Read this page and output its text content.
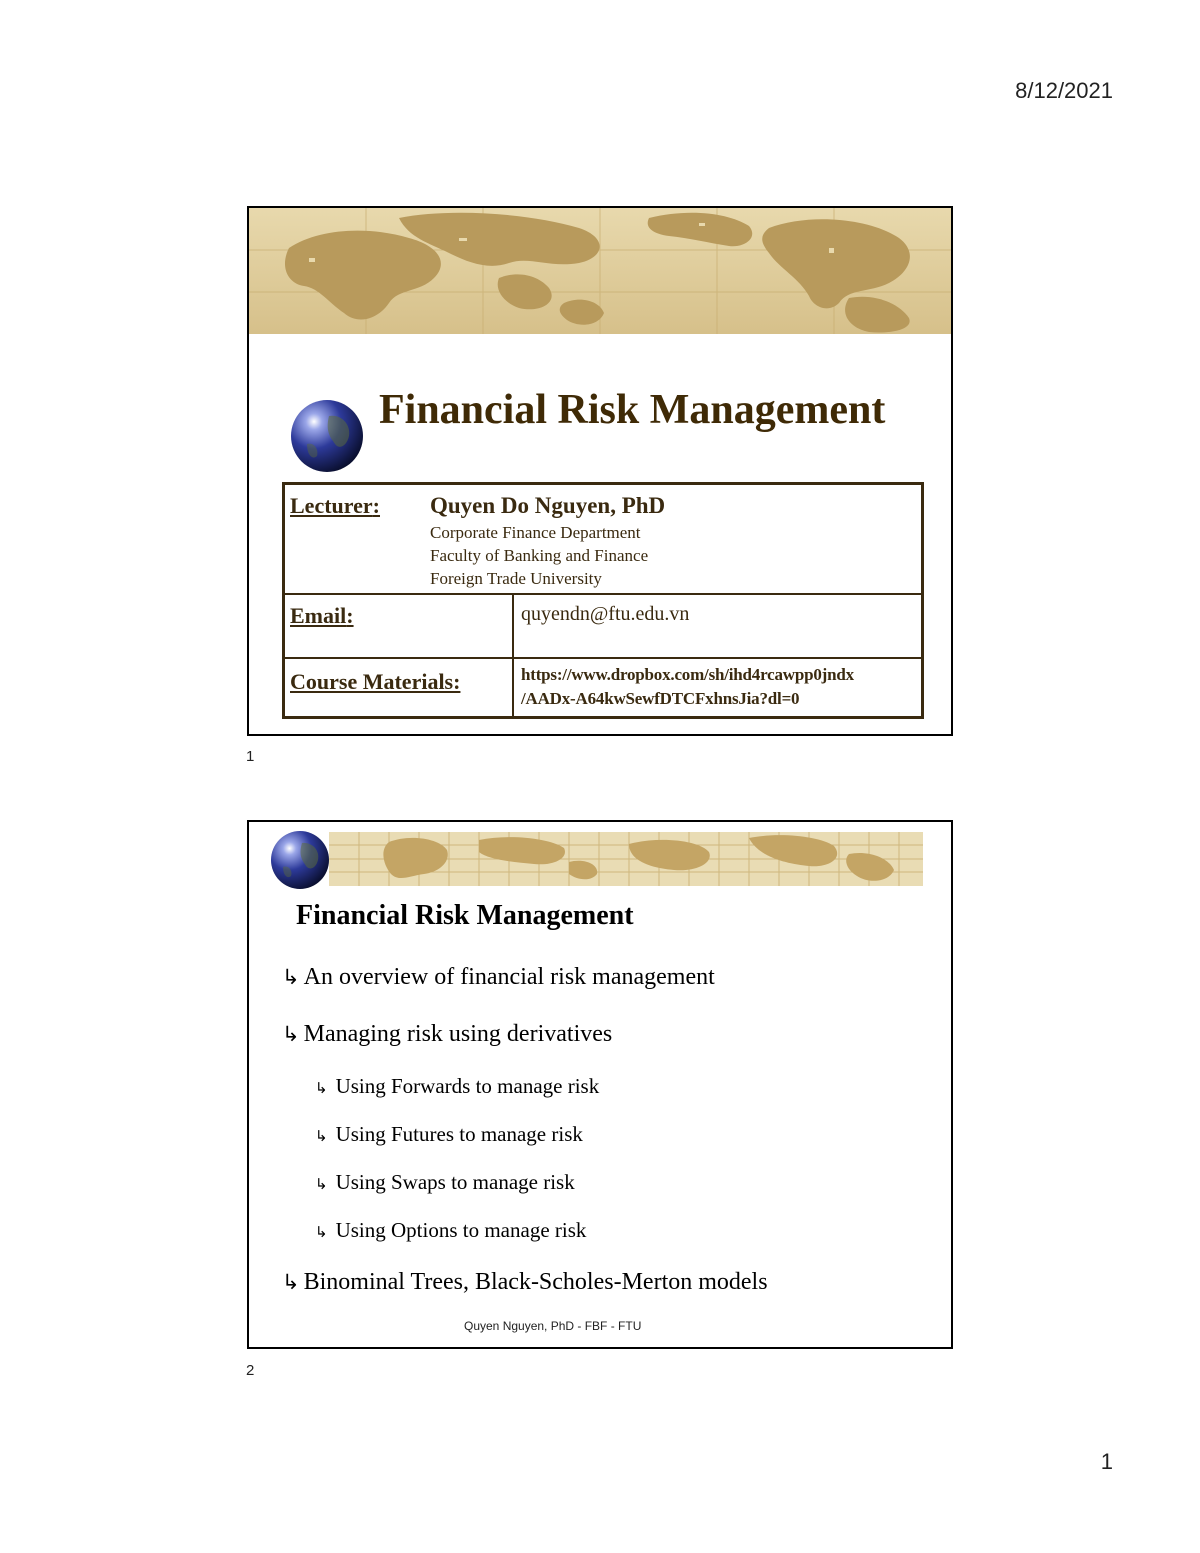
8/12/2021
Financial Risk Management
Lecturer: Quyen Do Nguyen, PhD
Corporate Finance Department
Faculty of Banking and Finance
Foreign Trade University
Email:	quyendn@ftu.edu.vn
Course Materials:	https://www.dropbox.com/sh/ihd4rcawpp0jndx
/AADx-A64kwSewfDTCFxhnsJia?dl=0
1
Financial Risk Management
↳ An overview of financial risk management
↳ Managing risk using derivatives
↳ Using Forwards to manage risk
↳ Using Futures to manage risk
↳ Using Swaps to manage risk
↳ Using Options to manage risk
↳ Binominal Trees, Black-Scholes-Merton models
Quyen Nguyen, PhD - FBF - FTU
2
1
